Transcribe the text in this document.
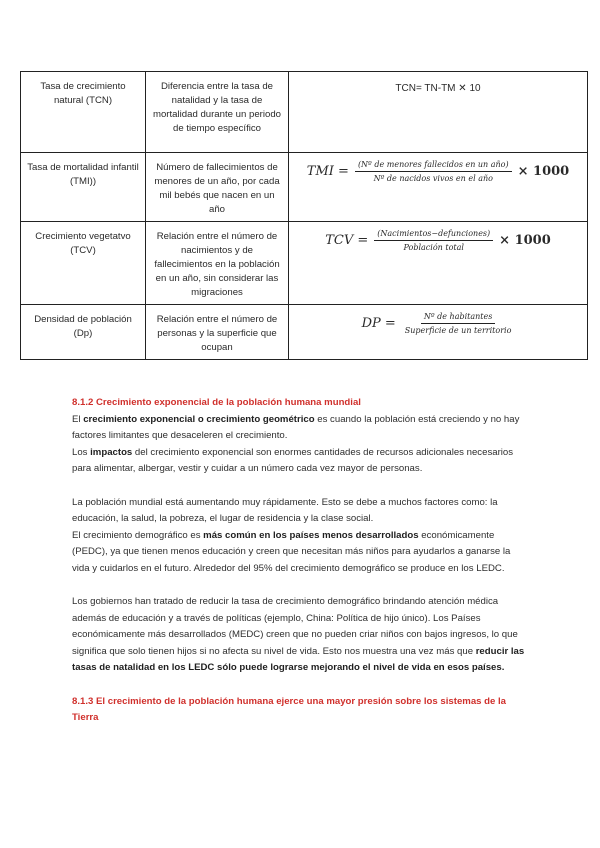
Tasa de crecimiento natural (TCN)	Diferencia entre la tasa de natalidad y la tasa de mortalidad durante un periodo de tiempo específico	TCN= TN-TM ✕ 10

Tasa de mortalidad infantil (TMI))	Número de fallecimientos de menores de un año, por cada mil bebés que nacen en un año	TMI = $\frac{\text{(Nº de menores fallecidos en un año)}}{\text{Nº de nacidos vivos en el año}} \times 1000$

Crecimiento vegetatvo (TCV)	Relación entre el número de nacimientos y de fallecimientos en la población en un año, sin considerar las migraciones	TCV = $\frac{\text{(Nacimientos−defunciones)}}{\text{Población total}} \times 1000$

Densidad de población (Dp)	Relación entre el número de personas y la superficie que ocupan	DP = $\frac{\text{Nº de habitantes}}{\text{Superficie de un territorio}}$

8.1.2 Crecimiento exponencial de la población humana mundial

El crecimiento exponencial o crecimiento geométrico es cuando la población está creciendo y no hay factores limitantes que desaceleren el crecimiento.

Los impactos del crecimiento exponencial son enormes cantidades de recursos adicionales necesarios para alimentar, albergar, vestir y cuidar a un número cada vez mayor de personas.

La población mundial está aumentando muy rápidamente. Esto se debe a muchos factores como: la educación, la salud, la pobreza, el lugar de residencia y la clase social.

El crecimiento demográfico es más común en los países menos desarrollados económicamente (PEDC), ya que tienen menos educación y creen que necesitan más niños para ayudarlos a ganarse la vida y cuidarlos en el futuro. Alrededor del 95% del crecimiento demográfico se produce en los LEDC.

Los gobiernos han tratado de reducir la tasa de crecimiento demográfico brindando atención médica además de educación y a través de políticas (ejemplo, China: Política de hijo único). Los Países económicamente más desarrollados (MEDC) creen que no pueden criar niños con bajos ingresos, lo que significa que solo tienen hijos si no afecta su nivel de vida. Esto nos muestra una vez más que reducir las tasas de natalidad en los LEDC sólo puede lograrse mejorando el nivel de vida en esos países.

8.1.3 El crecimiento de la población humana ejerce una mayor presión sobre los sistemas de la Tierra
